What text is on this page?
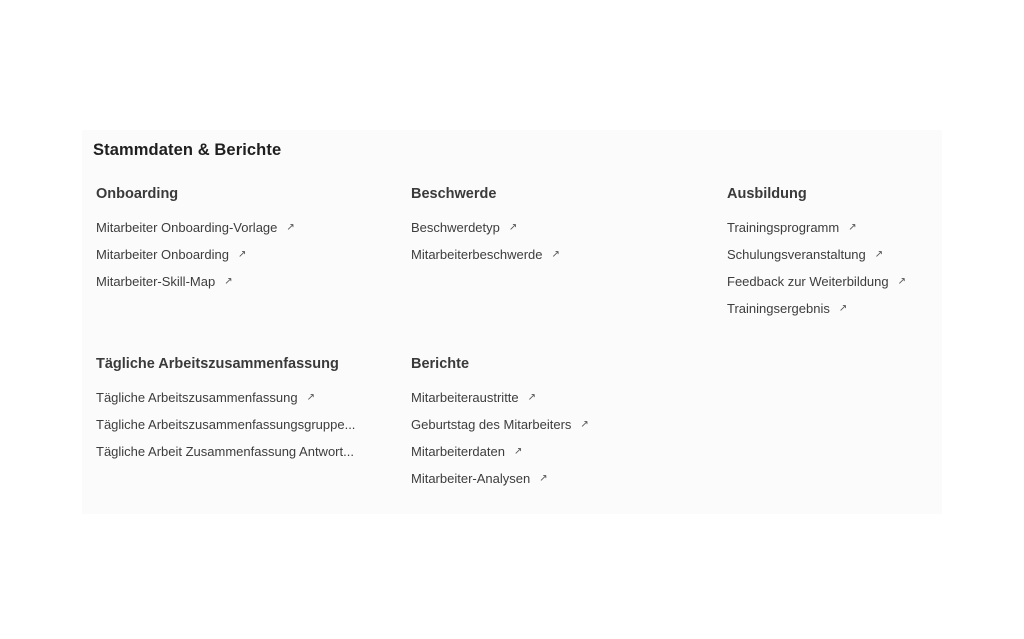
Stammdaten & Berichte
Onboarding
Mitarbeiter Onboarding-Vorlage ↗
Mitarbeiter Onboarding ↗
Mitarbeiter-Skill-Map ↗
Beschwerde
Beschwerdetyp ↗
Mitarbeiterbeschwerde ↗
Ausbildung
Trainingsprogramm ↗
Schulungsveranstaltung ↗
Feedback zur Weiterbildung ↗
Trainingsergebnis ↗
Tägliche Arbeitszusammenfassung
Tägliche Arbeitszusammenfassung ↗
Tägliche Arbeitszusammenfassungsgruppe...
Tägliche Arbeit Zusammenfassung Antwort...
Berichte
Mitarbeiteraustritte ↗
Geburtstag des Mitarbeiters ↗
Mitarbeiterdaten ↗
Mitarbeiter-Analysen ↗
